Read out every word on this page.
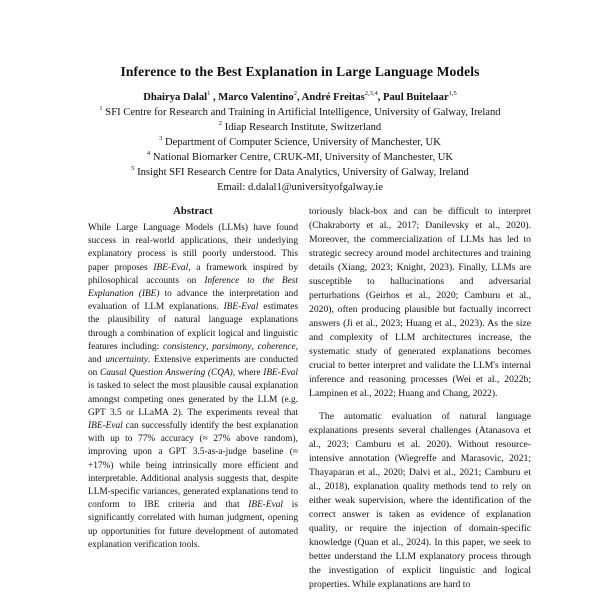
Inference to the Best Explanation in Large Language Models
Dhairya Dalal$^1$ , Marco Valentino$^2$, André Freitas$^{2,3,4}$, Paul Buitelaar$^{1,5}$
$^1$ SFI Centre for Research and Training in Artificial Intelligence, University of Galway, Ireland
$^2$ Idiap Research Institute, Switzerland
$^3$ Department of Computer Science, University of Manchester, UK
$^4$ National Biomarker Centre, CRUK-MI, University of Manchester, UK
$^5$ Insight SFI Research Centre for Data Analytics, University of Galway, Ireland
Email: d.dalal1@universityofgalway.ie
Abstract

While Large Language Models (LLMs) have found success in real-world applications, their underlying explanatory process is still poorly understood. This paper proposes IBE-Eval, a framework inspired by philosophical accounts on Inference to the Best Explanation (IBE) to advance the interpretation and evaluation of LLM explanations. IBE-Eval estimates the plausibility of natural language explanations through a combination of explicit logical and linguistic features including: consistency, parsimony, coherence, and uncertainty. Extensive experiments are conducted on Causal Question Answering (CQA), where IBE-Eval is tasked to select the most plausible causal explanation amongst competing ones generated by the LLM (e.g. GPT 3.5 or LLaMA 2). The experiments reveal that IBE-Eval can successfully identify the best explanation with up to 77% accuracy (≈ 27% above random), improving upon a GPT 3.5-as-a-judge baseline (≈ +17%) while being intrinsically more efficient and interpretable. Additional analysis suggests that, despite LLM-specific variances, generated explanations tend to conform to IBE criteria and that IBE-Eval is significantly correlated with human judgment, opening up opportunities for future development of automated explanation verification tools.

toriously black-box and can be difficult to interpret (Chakraborty et al., 2017; Danilevsky et al., 2020). Moreover, the commercialization of LLMs has led to strategic secrecy around model architectures and training details (Xiang, 2023; Knight, 2023). Finally, LLMs are susceptible to hallucinations and adversarial perturbations (Geirhos et al., 2020; Camburu et al., 2020), often producing plausible but factually incorrect answers (Ji et al., 2023; Huang et al., 2023). As the size and complexity of LLM architectures increase, the systematic study of generated explanations becomes crucial to better interpret and validate the LLM's internal inference and reasoning processes (Wei et al., 2022b; Lampinen et al., 2022; Huang and Chang, 2022).

The automatic evaluation of natural language explanations presents several challenges (Atanasova et al., 2023; Camburu et al. 2020). Without resource-intensive annotation (Wiegreffe and Marasovic, 2021; Thayaparan et al., 2020; Dalvi et al., 2021; Camburu et al., 2018), explanation quality methods tend to rely on either weak supervision, where the identification of the correct answer is taken as evidence of explanation quality, or require the injection of domain-specific knowledge (Quan et al., 2024). In this paper, we seek to better understand the LLM explanatory process through the investigation of explicit linguistic and logical properties. While explanations are hard to
